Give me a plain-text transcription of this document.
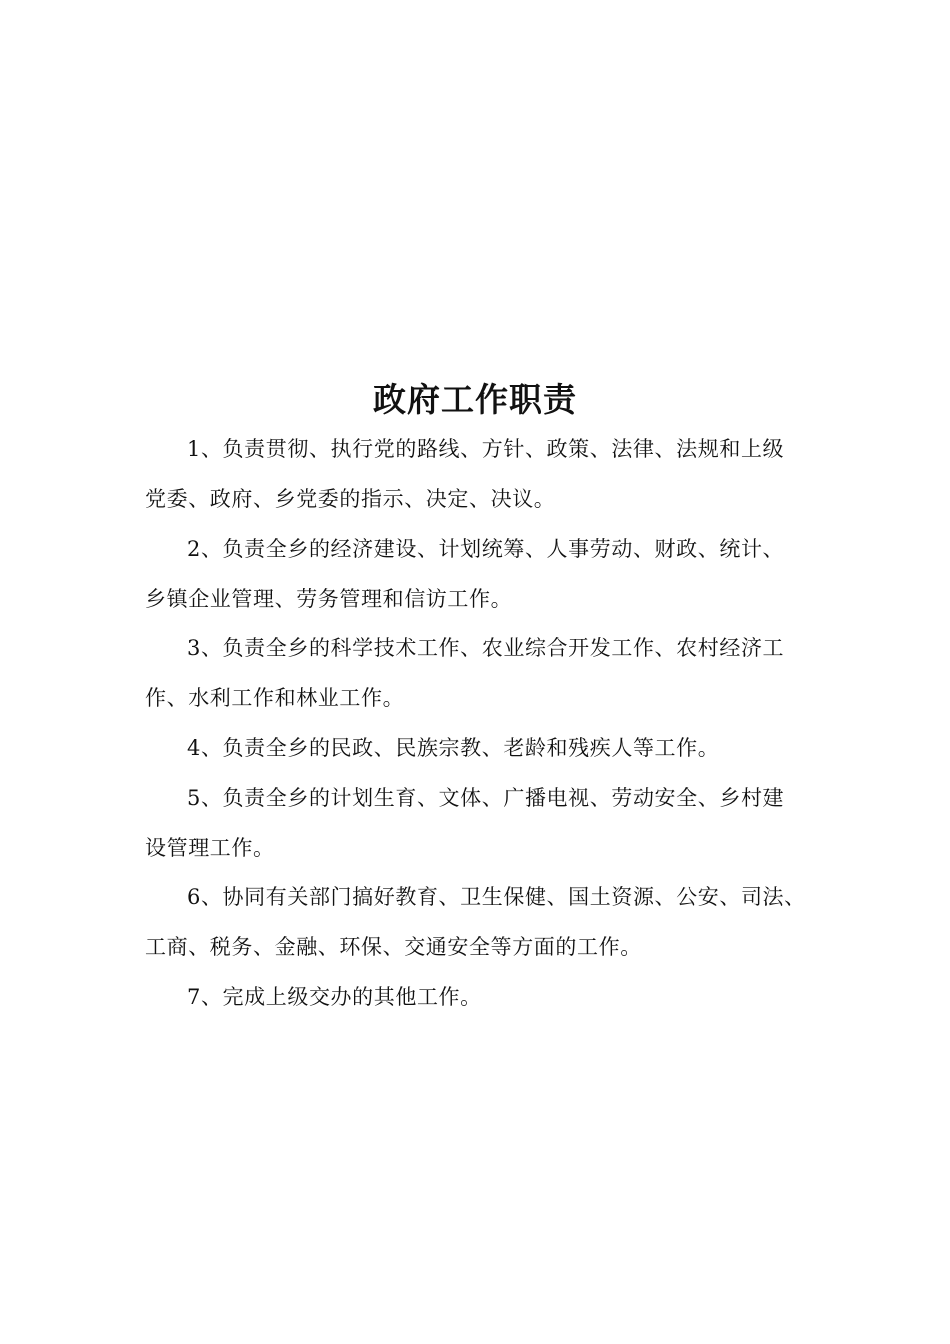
政府工作职责
1、负责贯彻、执行党的路线、方针、政策、法律、法规和上级
党委、政府、乡党委的指示、决定、决议。
2、负责全乡的经济建设、计划统筹、人事劳动、财政、统计、
乡镇企业管理、劳务管理和信访工作。
3、负责全乡的科学技术工作、农业综合开发工作、农村经济工
作、水利工作和林业工作。
4、负责全乡的民政、民族宗教、老龄和残疾人等工作。
5、负责全乡的计划生育、文体、广播电视、劳动安全、乡村建
设管理工作。
6、协同有关部门搞好教育、卫生保健、国土资源、公安、司法、
工商、税务、金融、环保、交通安全等方面的工作。
7、完成上级交办的其他工作。
